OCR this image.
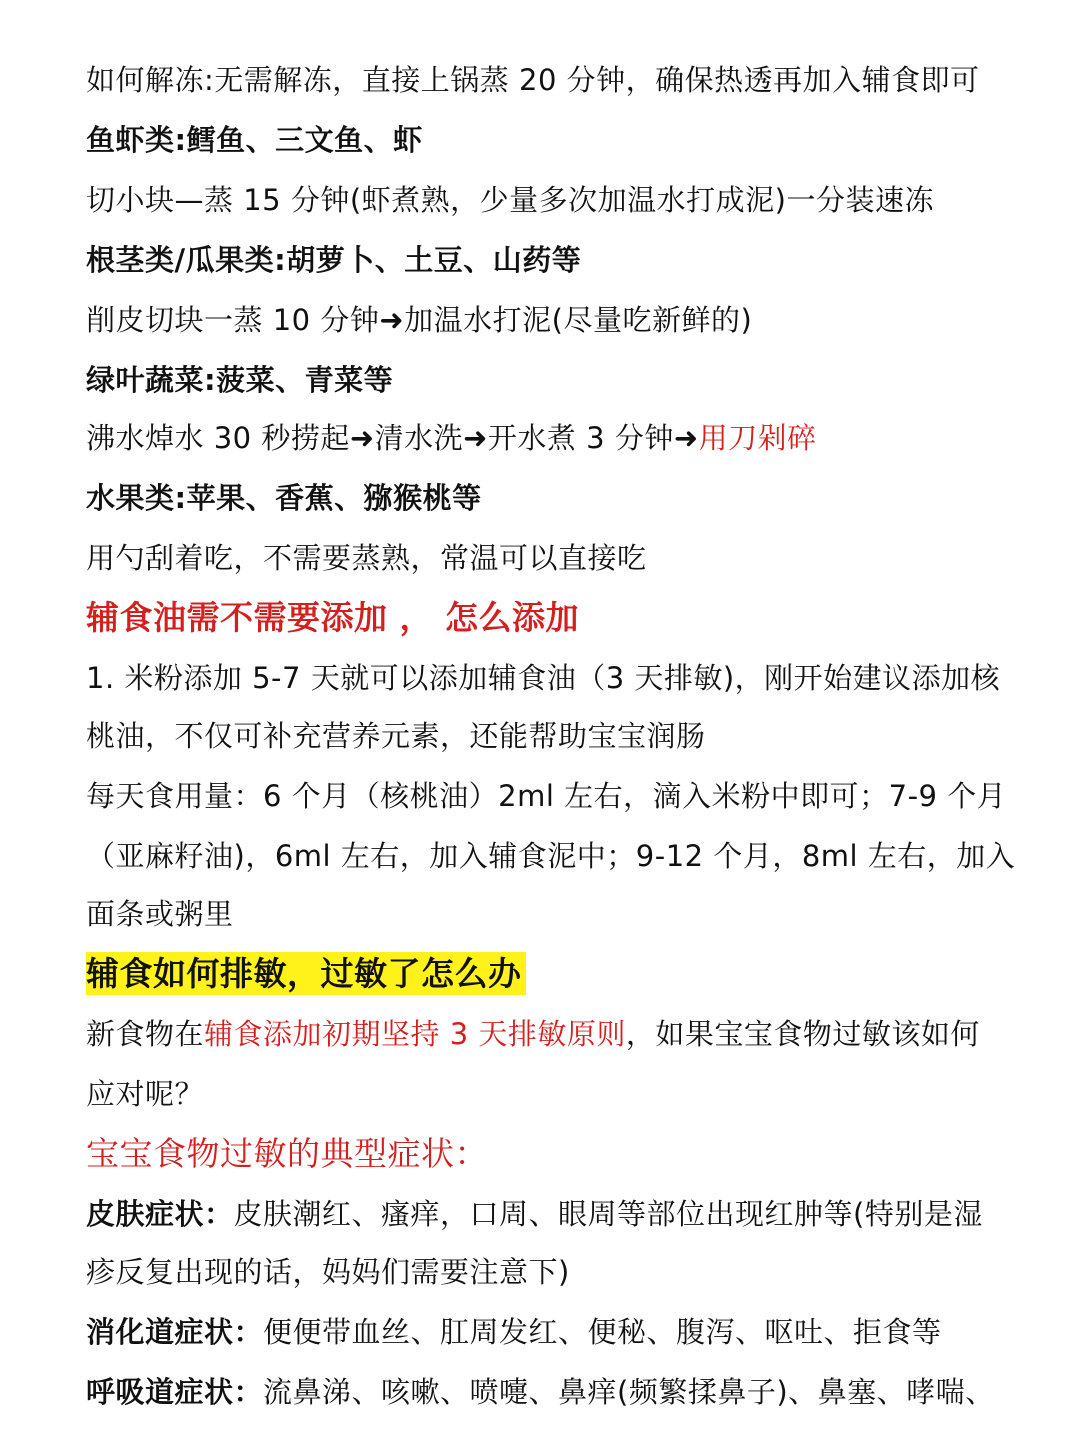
如何解冻:无需解冻，直接上锅蒸 20 分钟，确保热透再加入辅食即可
鱼虾类:鳕鱼、三文鱼、虾
切小块—蒸 15 分钟(虾煮熟，少量多次加温水打成泥)一分装速冻
根茎类/瓜果类:胡萝卜、土豆、山药等
削皮切块一蒸 10 分钟➜加温水打泥(尽量吃新鲜的)
绿叶蔬菜:菠菜、青菜等
沸水焯水 30 秒捞起➜清水洗➜开水煮 3 分钟➜用刀剁碎
水果类:苹果、香蕉、猕猴桃等
用勺刮着吃，不需要蒸熟，常温可以直接吃
辅食油需不需要添加 ， 怎么添加
1. 米粉添加 5-7 天就可以添加辅食油（3 天排敏)，刚开始建议添加核
桃油，不仅可补充营养元素，还能帮助宝宝润肠
每天食用量：6 个月（核桃油）2ml 左右，滴入米粉中即可；7-9 个月
（亚麻籽油)，6ml 左右，加入辅食泥中；9-12 个月，8ml 左右，加入
面条或粥里
辅食如何排敏，过敏了怎么办
新食物在辅食添加初期坚持 3 天排敏原则，如果宝宝食物过敏该如何
应对呢？
宝宝食物过敏的典型症状：
皮肤症状：皮肤潮红、瘙痒，口周、眼周等部位出现红肿等(特别是湿
疹反复出现的话，妈妈们需要注意下)
消化道症状：便便带血丝、肛周发红、便秘、腹泻、呕吐、拒食等
呼吸道症状：流鼻涕、咳嗽、喷嚏、鼻痒(频繁揉鼻子)、鼻塞、哮喘、
